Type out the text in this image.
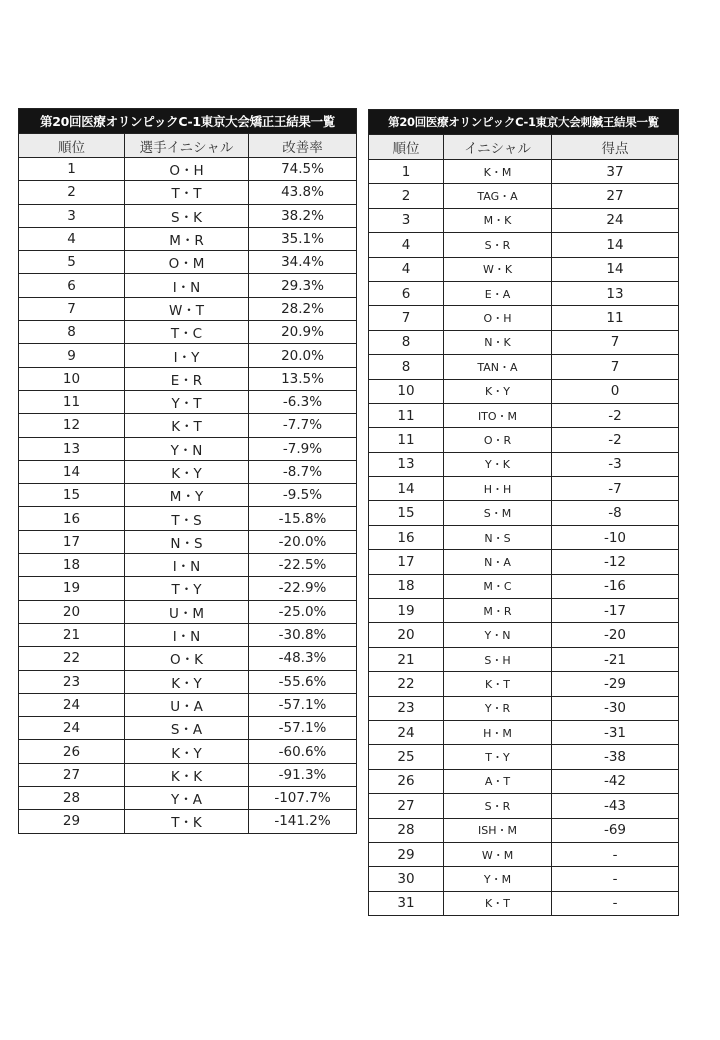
第20回医療オリンピックC-1東京大会矯正王結果一覧		
順位	選手イニシャル	改善率
1	O・H	74.5%
2	T・T	43.8%
3	S・K	38.2%
4	M・R	35.1%
5	O・M	34.4%
6	I・N	29.3%
7	W・T	28.2%
8	T・C	20.9%
9	I・Y	20.0%
10	E・R	13.5%
11	Y・T	-6.3%
12	K・T	-7.7%
13	Y・N	-7.9%
14	K・Y	-8.7%
15	M・Y	-9.5%
16	T・S	-15.8%
17	N・S	-20.0%
18	I・N	-22.5%
19	T・Y	-22.9%
20	U・M	-25.0%
21	I・N	-30.8%
22	O・K	-48.3%
23	K・Y	-55.6%
24	U・A	-57.1%
24	S・A	-57.1%
26	K・Y	-60.6%
27	K・K	-91.3%
28	Y・A	-107.7%
29	T・K	-141.2%
第20回医療オリンピックC-1東京大会刺鍼王結果一覧		
順位	イニシャル	得点
1	K・M	37
2	TAG・A	27
3	M・K	24
4	S・R	14
4	W・K	14
6	E・A	13
7	O・H	11
8	N・K	7
8	TAN・A	7
10	K・Y	0
11	ITO・M	-2
11	O・R	-2
13	Y・K	-3
14	H・H	-7
15	S・M	-8
16	N・S	-10
17	N・A	-12
18	M・C	-16
19	M・R	-17
20	Y・N	-20
21	S・H	-21
22	K・T	-29
23	Y・R	-30
24	H・M	-31
25	T・Y	-38
26	A・T	-42
27	S・R	-43
28	ISH・M	-69
29	W・M	-
30	Y・M	-
31	K・T	-
